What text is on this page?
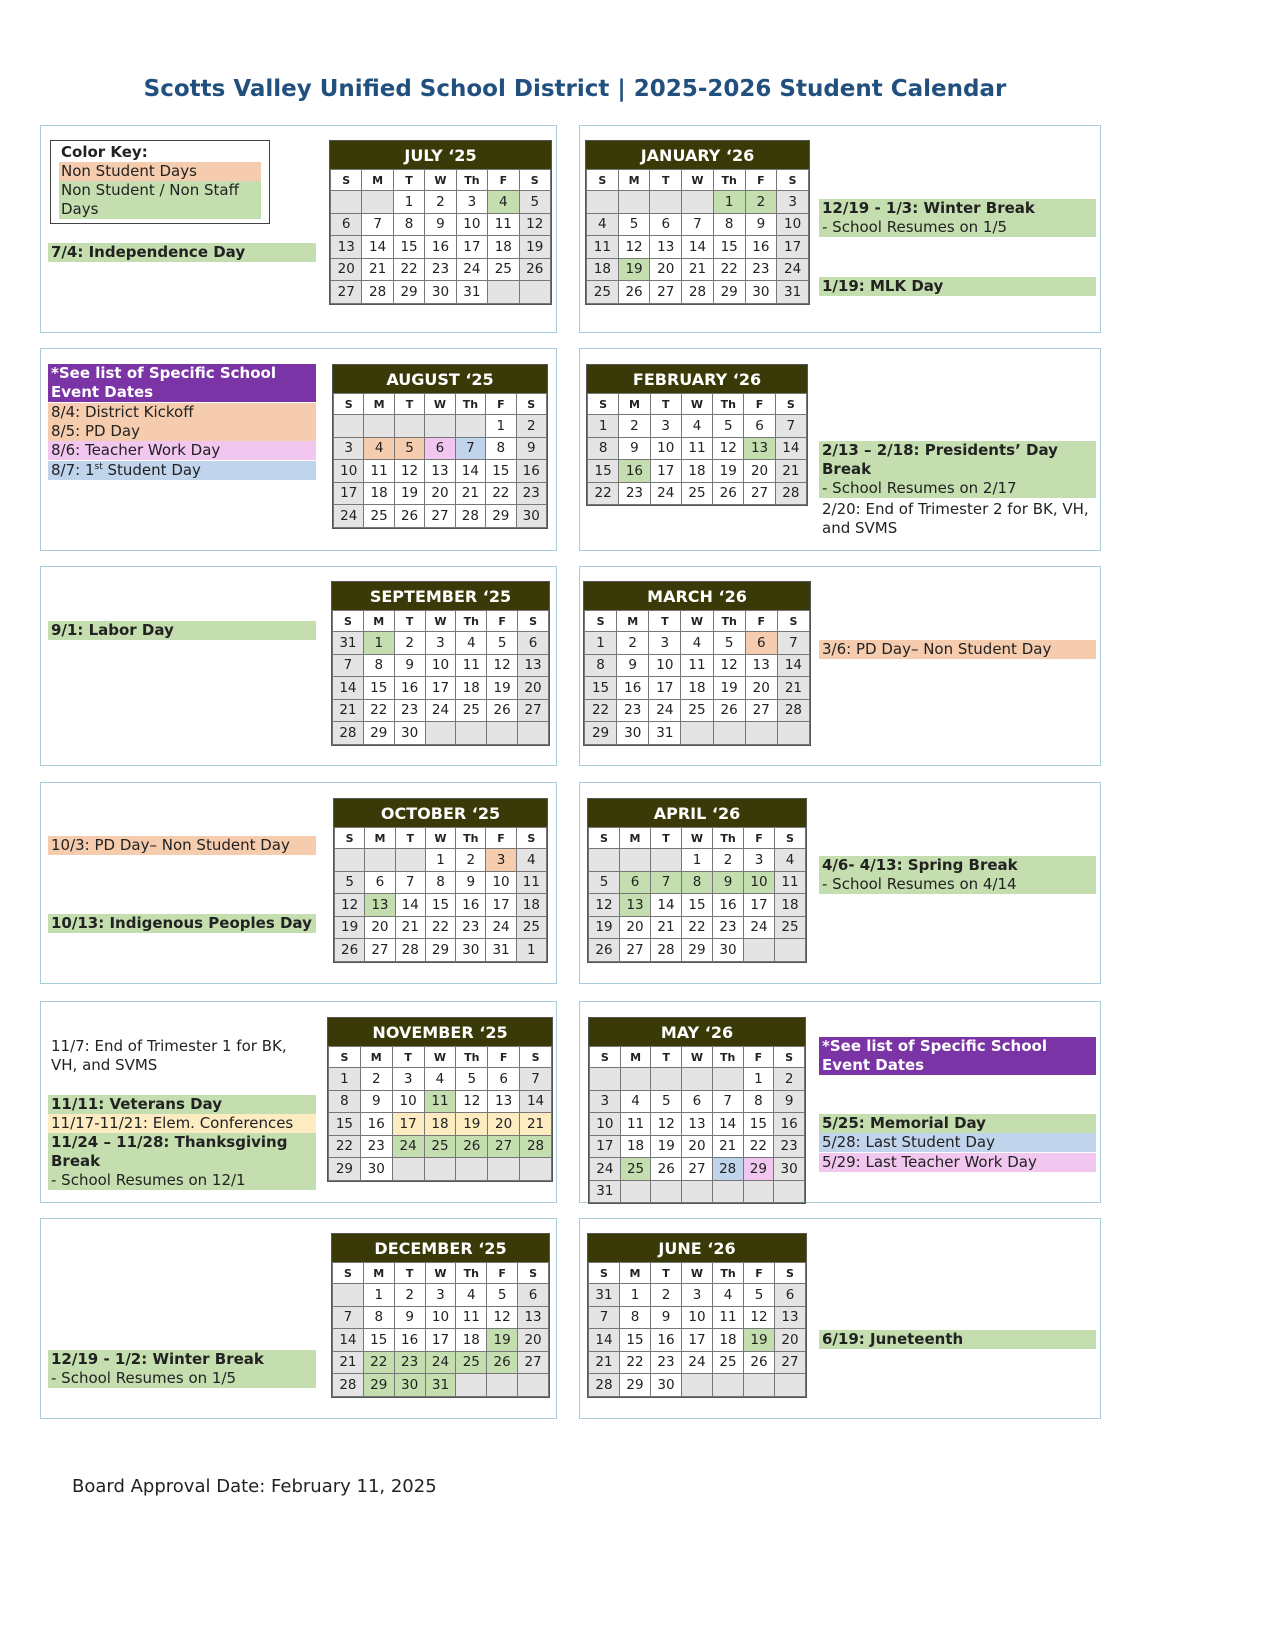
Scotts Valley Unified School District | 2025-2026 Student Calendar
Color Key:
Non Student Days
Non Student / Non Staff
Days
JULY ‘25
S	M	T	W	Th	F	S
		1	2	3	4	5
6	7	8	9	10	11	12
13	14	15	16	17	18	19
20	21	22	23	24	25	26
27	28	29	30	31		
JANUARY ‘26
S	M	T	W	Th	F	S
				1	2	3
4	5	6	7	8	9	10
11	12	13	14	15	16	17
18	19	20	21	22	23	24
25	26	27	28	29	30	31
AUGUST ‘25
S	M	T	W	Th	F	S
					1	2
3	4	5	6	7	8	9
10	11	12	13	14	15	16
17	18	19	20	21	22	23
24	25	26	27	28	29	30
FEBRUARY ‘26
S	M	T	W	Th	F	S
1	2	3	4	5	6	7
8	9	10	11	12	13	14
15	16	17	18	19	20	21
22	23	24	25	26	27	28
SEPTEMBER ‘25
S	M	T	W	Th	F	S
31	1	2	3	4	5	6
7	8	9	10	11	12	13
14	15	16	17	18	19	20
21	22	23	24	25	26	27
28	29	30				
MARCH ‘26
S	M	T	W	Th	F	S
1	2	3	4	5	6	7
8	9	10	11	12	13	14
15	16	17	18	19	20	21
22	23	24	25	26	27	28
29	30	31				
OCTOBER ‘25
S	M	T	W	Th	F	S
			1	2	3	4
5	6	7	8	9	10	11
12	13	14	15	16	17	18
19	20	21	22	23	24	25
26	27	28	29	30	31	1
APRIL ‘26
S	M	T	W	Th	F	S
			1	2	3	4
5	6	7	8	9	10	11
12	13	14	15	16	17	18
19	20	21	22	23	24	25
26	27	28	29	30		
NOVEMBER ‘25
S	M	T	W	Th	F	S
1	2	3	4	5	6	7
8	9	10	11	12	13	14
15	16	17	18	19	20	21
22	23	24	25	26	27	28
29	30					
MAY ‘26
S	M	T	W	Th	F	S
					1	2
3	4	5	6	7	8	9
10	11	12	13	14	15	16
17	18	19	20	21	22	23
24	25	26	27	28	29	30
31						
DECEMBER ‘25
S	M	T	W	Th	F	S
	1	2	3	4	5	6
7	8	9	10	11	12	13
14	15	16	17	18	19	20
21	22	23	24	25	26	27
28	29	30	31			
JUNE ‘26
S	M	T	W	Th	F	S
31	1	2	3	4	5	6
7	8	9	10	11	12	13
14	15	16	17	18	19	20
21	22	23	24	25	26	27
28	29	30				
7/4: Independence Day
12/19 - 1/3: Winter Break
- School Resumes on 1/5
1/19: MLK Day
*See list of Specific School Event Dates
8/4: District Kickoff
8/5: PD Day
8/6: Teacher Work Day
8/7: 1st Student Day
2/13 – 2/18: Presidents’ Day Break
- School Resumes on 2/17
2/20: End of Trimester 2 for BK, VH, and SVMS
9/1: Labor Day
3/6: PD Day– Non Student Day
10/3: PD Day– Non Student Day
10/13: Indigenous Peoples Day
4/6- 4/13: Spring Break
- School Resumes on 4/14
11/7: End of Trimester 1 for BK, VH, and SVMS
11/11: Veterans Day
11/17-11/21: Elem. Conferences
11/24 – 11/28: Thanksgiving Break
- School Resumes on 12/1
*See list of Specific School Event Dates
5/25: Memorial Day
5/28: Last Student Day
5/29: Last Teacher Work Day
12/19 - 1/2: Winter Break
- School Resumes on 1/5
6/19: Juneteenth
Board Approval Date: February 11, 2025
